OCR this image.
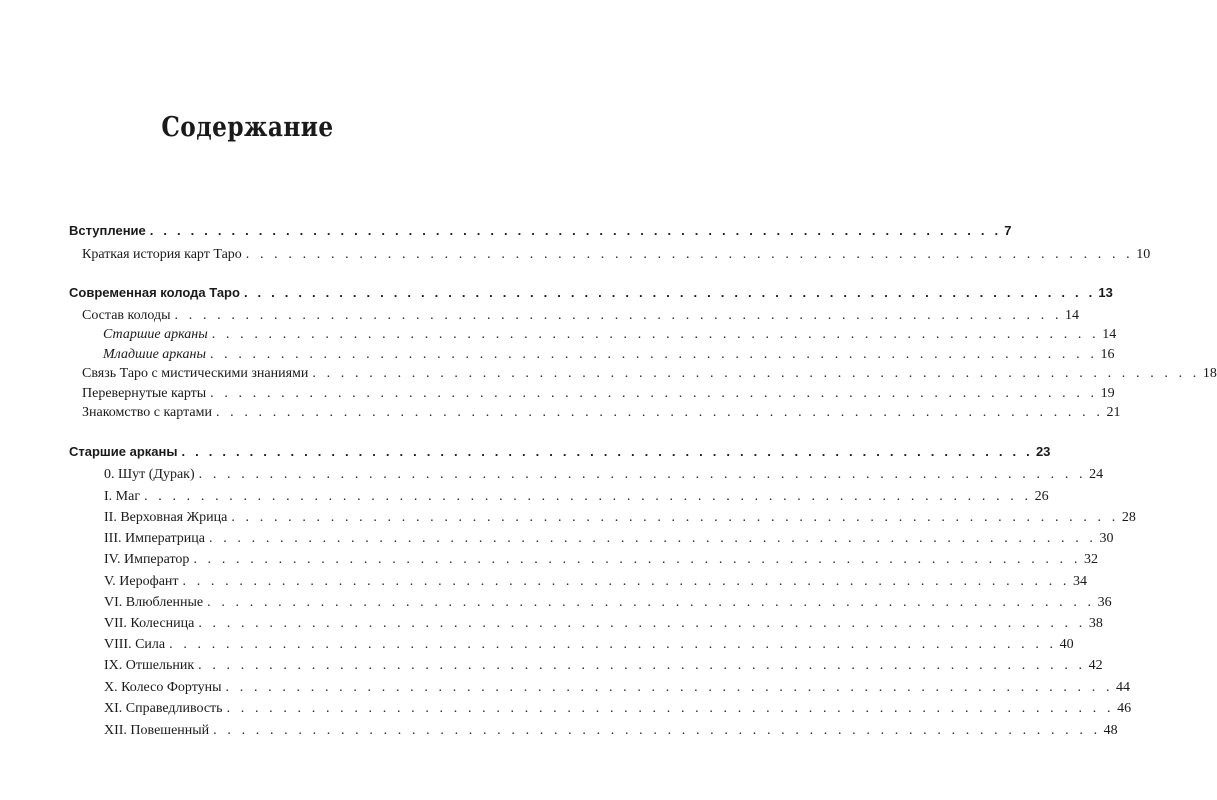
Содержание
Вступление . . . . . . . . . . . . . . . . . . . . . . . . . . . . . . . . . . . . . . . . . . . . . . . . . . . . . . . . . . . . . . . 7
Краткая история карт Таро . . . . . . . . . . . . . . . . . . . . . . . . . . . . . . . . . . . . . . . . . . . . . . . . . . . . . . . . . . . . . . . 10
Современная колода Таро . . . . . . . . . . . . . . . . . . . . . . . . . . . . . . . . . . . . . . . . . . . . . . . . . . . . . . . . . . . . . . . 13
Состав колоды . . . . . . . . . . . . . . . . . . . . . . . . . . . . . . . . . . . . . . . . . . . . . . . . . . . . . . . . . . . . . . . 14
Старшие арканы . . . . . . . . . . . . . . . . . . . . . . . . . . . . . . . . . . . . . . . . . . . . . . . . . . . . . . . . . . . . . . . 14
Младшие арканы . . . . . . . . . . . . . . . . . . . . . . . . . . . . . . . . . . . . . . . . . . . . . . . . . . . . . . . . . . . . . . . 16
Связь Таро с мистическими знаниями . . . . . . . . . . . . . . . . . . . . . . . . . . . . . . . . . . . . . . . . . . . . . . . . . . . . . . . . . . . . . . . 18
Перевернутые карты . . . . . . . . . . . . . . . . . . . . . . . . . . . . . . . . . . . . . . . . . . . . . . . . . . . . . . . . . . . . . . . 19
Знакомство с картами . . . . . . . . . . . . . . . . . . . . . . . . . . . . . . . . . . . . . . . . . . . . . . . . . . . . . . . . . . . . . . . 21
Старшие арканы . . . . . . . . . . . . . . . . . . . . . . . . . . . . . . . . . . . . . . . . . . . . . . . . . . . . . . . . . . . . . . . 23
0. Шут (Дурак) . . . . . . . . . . . . . . . . . . . . . . . . . . . . . . . . . . . . . . . . . . . . . . . . . . . . . . . . . . . . . . . 24
I. Маг . . . . . . . . . . . . . . . . . . . . . . . . . . . . . . . . . . . . . . . . . . . . . . . . . . . . . . . . . . . . . . . 26
II. Верховная Жрица . . . . . . . . . . . . . . . . . . . . . . . . . . . . . . . . . . . . . . . . . . . . . . . . . . . . . . . . . . . . . . . 28
III. Императрица . . . . . . . . . . . . . . . . . . . . . . . . . . . . . . . . . . . . . . . . . . . . . . . . . . . . . . . . . . . . . . . 30
IV. Император . . . . . . . . . . . . . . . . . . . . . . . . . . . . . . . . . . . . . . . . . . . . . . . . . . . . . . . . . . . . . . . 32
V. Иерофант . . . . . . . . . . . . . . . . . . . . . . . . . . . . . . . . . . . . . . . . . . . . . . . . . . . . . . . . . . . . . . . 34
VI. Влюбленные . . . . . . . . . . . . . . . . . . . . . . . . . . . . . . . . . . . . . . . . . . . . . . . . . . . . . . . . . . . . . . . 36
VII. Колесница . . . . . . . . . . . . . . . . . . . . . . . . . . . . . . . . . . . . . . . . . . . . . . . . . . . . . . . . . . . . . . . 38
VIII. Сила . . . . . . . . . . . . . . . . . . . . . . . . . . . . . . . . . . . . . . . . . . . . . . . . . . . . . . . . . . . . . . . 40
IX. Отшельник . . . . . . . . . . . . . . . . . . . . . . . . . . . . . . . . . . . . . . . . . . . . . . . . . . . . . . . . . . . . . . . 42
X. Колесо Фортуны . . . . . . . . . . . . . . . . . . . . . . . . . . . . . . . . . . . . . . . . . . . . . . . . . . . . . . . . . . . . . . . 44
XI. Справедливость . . . . . . . . . . . . . . . . . . . . . . . . . . . . . . . . . . . . . . . . . . . . . . . . . . . . . . . . . . . . . . . 46
XII. Повешенный . . . . . . . . . . . . . . . . . . . . . . . . . . . . . . . . . . . . . . . . . . . . . . . . . . . . . . . . . . . . . . . 48
